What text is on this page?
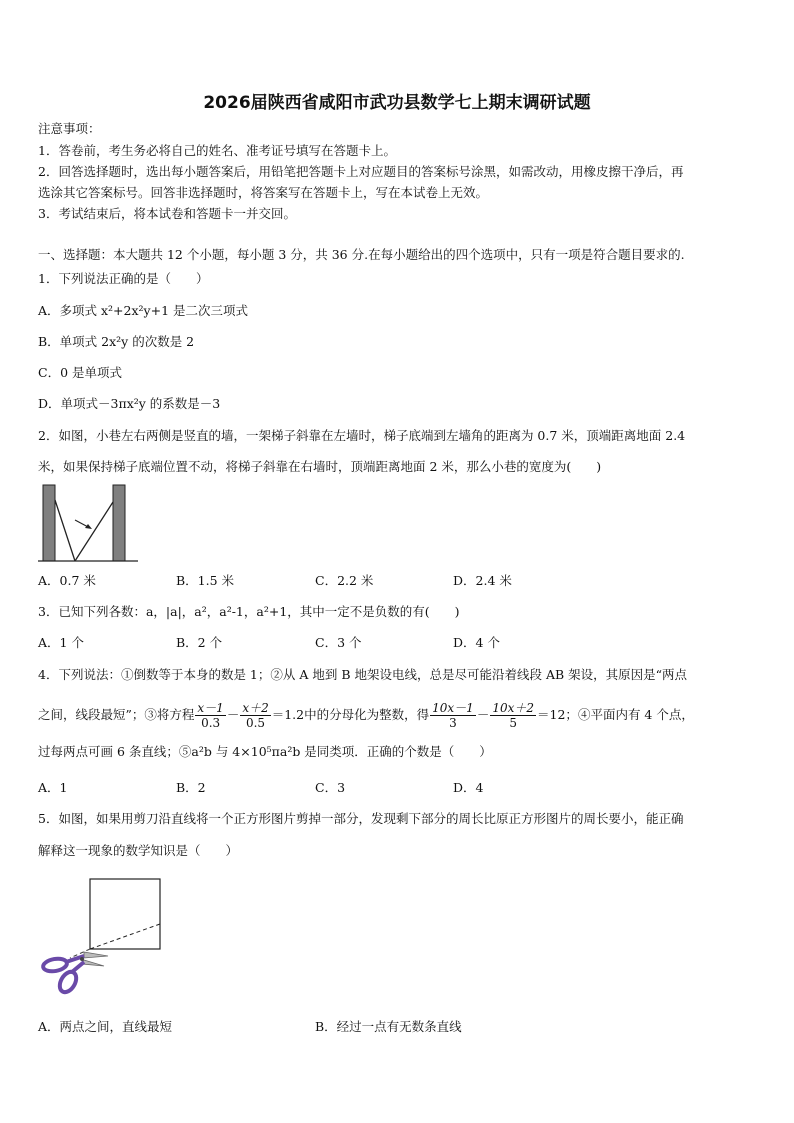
2026届陕西省咸阳市武功县数学七上期末调研试题
注意事项：
1．答卷前，考生务必将自己的姓名、准考证号填写在答题卡上。
2．回答选择题时，选出每小题答案后，用铅笔把答题卡上对应题目的答案标号涂黑，如需改动，用橡皮擦干净后，再
选涂其它答案标号。回答非选择题时，将答案写在答题卡上，写在本试卷上无效。
3．考试结束后，将本试卷和答题卡一并交回。
一、选择题：本大题共 12 个小题，每小题 3 分，共 36 分.在每小题给出的四个选项中，只有一项是符合题目要求的.
1．下列说法正确的是（　　）
A．多项式 x²+2x²y+1 是二次三项式
B．单项式 2x²y 的次数是 2
C．0 是单项式
D．单项式－3πx²y 的系数是－3
2．如图，小巷左右两侧是竖直的墙，一架梯子斜靠在左墙时，梯子底端到左墙角的距离为 0.7 米，顶端距离地面 2.4
米，如果保持梯子底端位置不动，将梯子斜靠在右墙时，顶端距离地面 2 米，那么小巷的宽度为(　　)
A．0.7 米	B．1.5 米	C．2.2 米	D．2.4 米
3．已知下列各数：a，|a|，a²，a²-1，a²+1，其中一定不是负数的有(　　)
A．1 个	B．2 个	C．3 个	D．4 个
4．下列说法：①倒数等于本身的数是 1；②从 A 地到 B 地架设电线，总是尽可能沿着线段 AB 架设，其原因是“两点
之间，线段最短”；③将方程 $\frac{x-1}{0.3} - \frac{x+2}{0.5} =1.2$中的分母化为整数，得 $\frac{10x-1}{3} - \frac{10x+2}{5} =12$；④平面内有 4 个点，
过每两点可画 6 条直线；⑤a²b 与 4×10⁵πa²b 是同类项．正确的个数是（　　）
A．1	B．2	C．3	D．4
5．如图，如果用剪刀沿直线将一个正方形图片剪掉一部分，发现剩下部分的周长比原正方形图片的周长要小，能正确
解释这一现象的数学知识是（　　）
A．两点之间，直线最短	B．经过一点有无数条直线
